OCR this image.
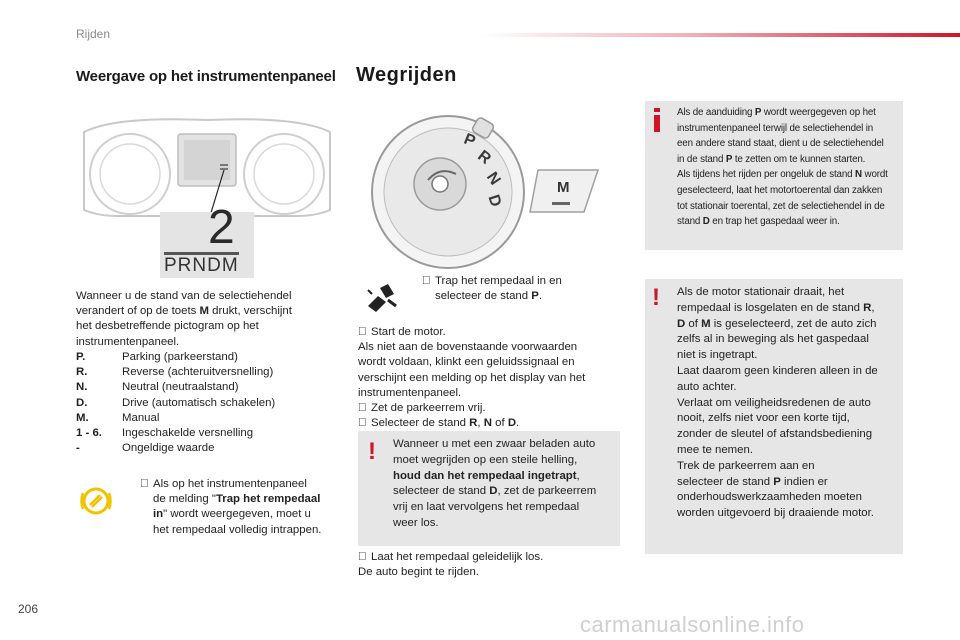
Rijden
Weergave op het instrumentenpaneel
2
PRNDM
Wanneer u de stand van de selectiehendel
verandert of op de toets M drukt, verschijnt
het desbetreffende pictogram op het
instrumentenpaneel.
P.	Parking (parkeerstand)
R.	Reverse (achteruitversnelling)
N.	Neutral (neutraalstand)
D.	Drive (automatisch schakelen)
M.	Manual
1 - 6.	Ingeschakelde versnelling
-	Ongeldige waarde
Als op het instrumentenpaneel
de melding "Trap het rempedaal
in" wordt weergegeven, moet u
het rempedaal volledig intrappen.
Wegrijden
P
R
N
D
M
Trap het rempedaal in en
selecteer de stand P.
Start de motor.
Als niet aan de bovenstaande voorwaarden
wordt voldaan, klinkt een geluidssignaal en
verschijnt een melding op het display van het
instrumentenpaneel.
Zet de parkeerrem vrij.
Selecteer de stand R, N of D.
! Wanneer u met een zwaar beladen auto
moet wegrijden op een steile helling,
houd dan het rempedaal ingetrapt,
selecteer de stand D, zet de parkeerrem
vrij en laat vervolgens het rempedaal
weer los.
Laat het rempedaal geleidelijk los.
De auto begint te rijden.
Als de aanduiding P wordt weergegeven op het
instrumentenpaneel terwijl de selectiehendel in
een andere stand staat, dient u de selectiehendel
in de stand P te zetten om te kunnen starten.
Als tijdens het rijden per ongeluk de stand N wordt
geselecteerd, laat het motortoerental dan zakken
tot stationair toerental, zet de selectiehendel in de
stand D en trap het gaspedaal weer in.
! Als de motor stationair draait, het
rempedaal is losgelaten en de stand R,
D of M is geselecteerd, zet de auto zich
zelfs al in beweging als het gaspedaal
niet is ingetrapt.
Laat daarom geen kinderen alleen in de
auto achter.
Verlaat om veiligheidsredenen de auto
nooit, zelfs niet voor een korte tijd,
zonder de sleutel of afstandsbediening
mee te nemen.
Trek de parkeerrem aan en
selecteer de stand P indien er
onderhoudswerkzaamheden moeten
worden uitgevoerd bij draaiende motor.
206
carmanualsonline.info
